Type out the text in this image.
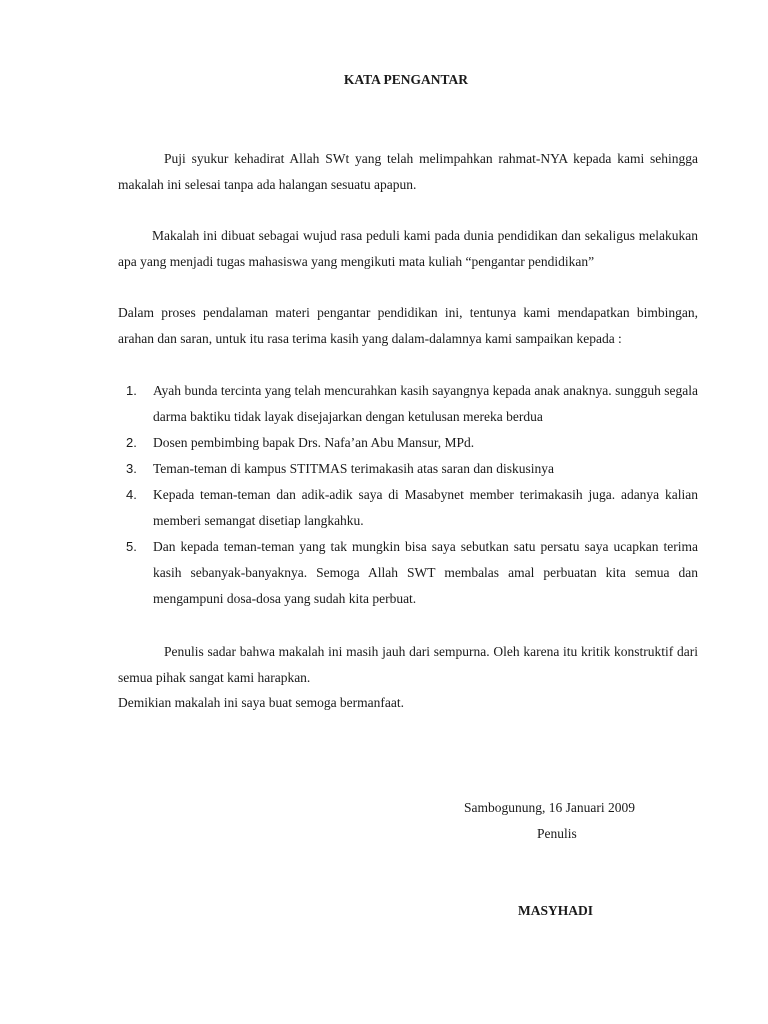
KATA PENGANTAR
Puji syukur kehadirat Allah SWt yang telah melimpahkan rahmat-NYA kepada kami sehingga makalah ini selesai tanpa ada halangan sesuatu apapun.
Makalah ini dibuat sebagai wujud rasa peduli kami pada dunia pendidikan dan sekaligus melakukan apa yang menjadi tugas mahasiswa yang mengikuti mata kuliah “pengantar pendidikan”
Dalam proses pendalaman materi pengantar pendidikan ini, tentunya kami mendapatkan bimbingan, arahan dan saran, untuk itu rasa terima kasih yang dalam-dalamnya kami sampaikan kepada :
1. Ayah bunda tercinta yang telah mencurahkan kasih sayangnya kepada anak anaknya. sungguh segala darma baktiku tidak layak disejajarkan dengan ketulusan mereka berdua
2. Dosen pembimbing bapak Drs. Nafa’an Abu Mansur, MPd.
3. Teman-teman di kampus STITMAS terimakasih atas saran dan diskusinya
4. Kepada teman-teman dan adik-adik saya di Masabynet member terimakasih juga. adanya kalian memberi semangat disetiap langkahku.
5. Dan kepada teman-teman yang tak mungkin bisa saya sebutkan satu persatu saya ucapkan terima kasih sebanyak-banyaknya. Semoga Allah SWT membalas amal perbuatan kita semua dan mengampuni dosa-dosa yang sudah kita perbuat.
Penulis sadar bahwa makalah ini masih jauh dari sempurna. Oleh karena itu kritik konstruktif dari semua pihak sangat kami harapkan.
Demikian makalah ini saya buat semoga bermanfaat.
Sambogunung, 16 Januari 2009
Penulis
MASYHADI
